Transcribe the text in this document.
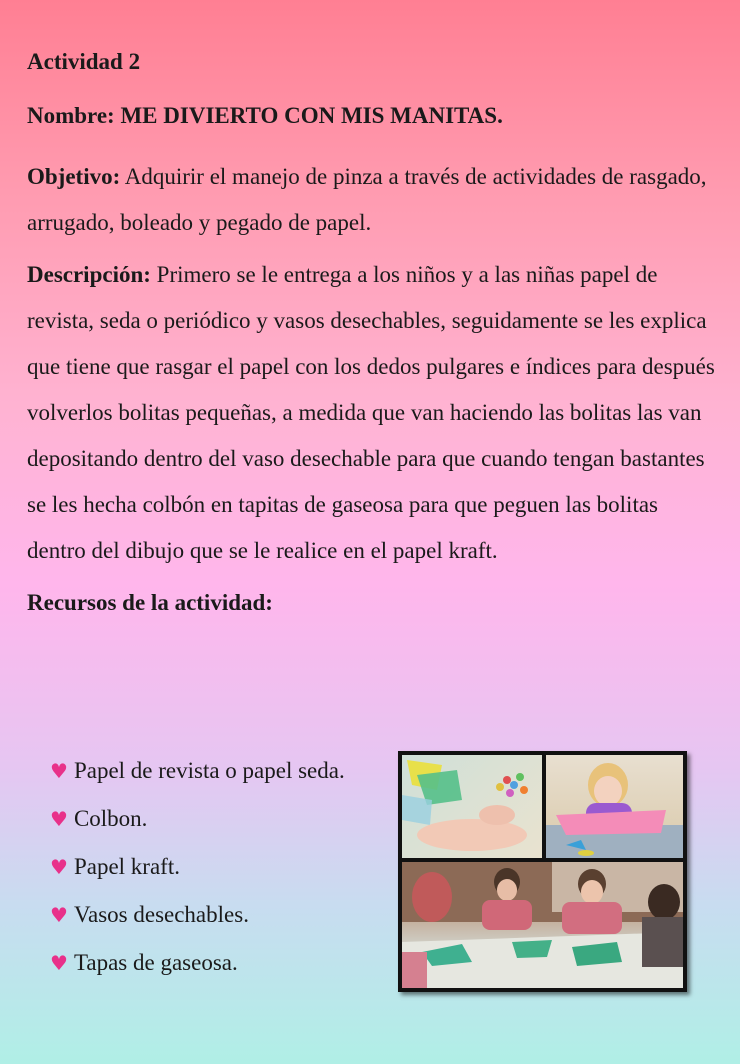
Actividad 2

Nombre: ME DIVIERTO CON MIS MANITAS.

Objetivo: Adquirir el manejo de pinza a través de actividades de rasgado, arrugado, boleado y pegado de papel.

Descripción: Primero se le entrega a los niños y a las niñas papel de revista, seda o periódico y vasos desechables, seguidamente se les explica que tiene que rasgar el papel con los dedos pulgares e índices para después volverlos bolitas pequeñas, a medida que van haciendo las bolitas las van depositando dentro del vaso desechable para que cuando tengan bastantes se les hecha colbón en tapitas de gaseosa para que peguen las bolitas dentro del dibujo que se le realice en el papel kraft.

Recursos de la actividad:

♥ Papel de revista o papel seda.
♥ Colbon.
♥ Papel kraft.
♥ Vasos desechables.
♥ Tapas de gaseosa.
